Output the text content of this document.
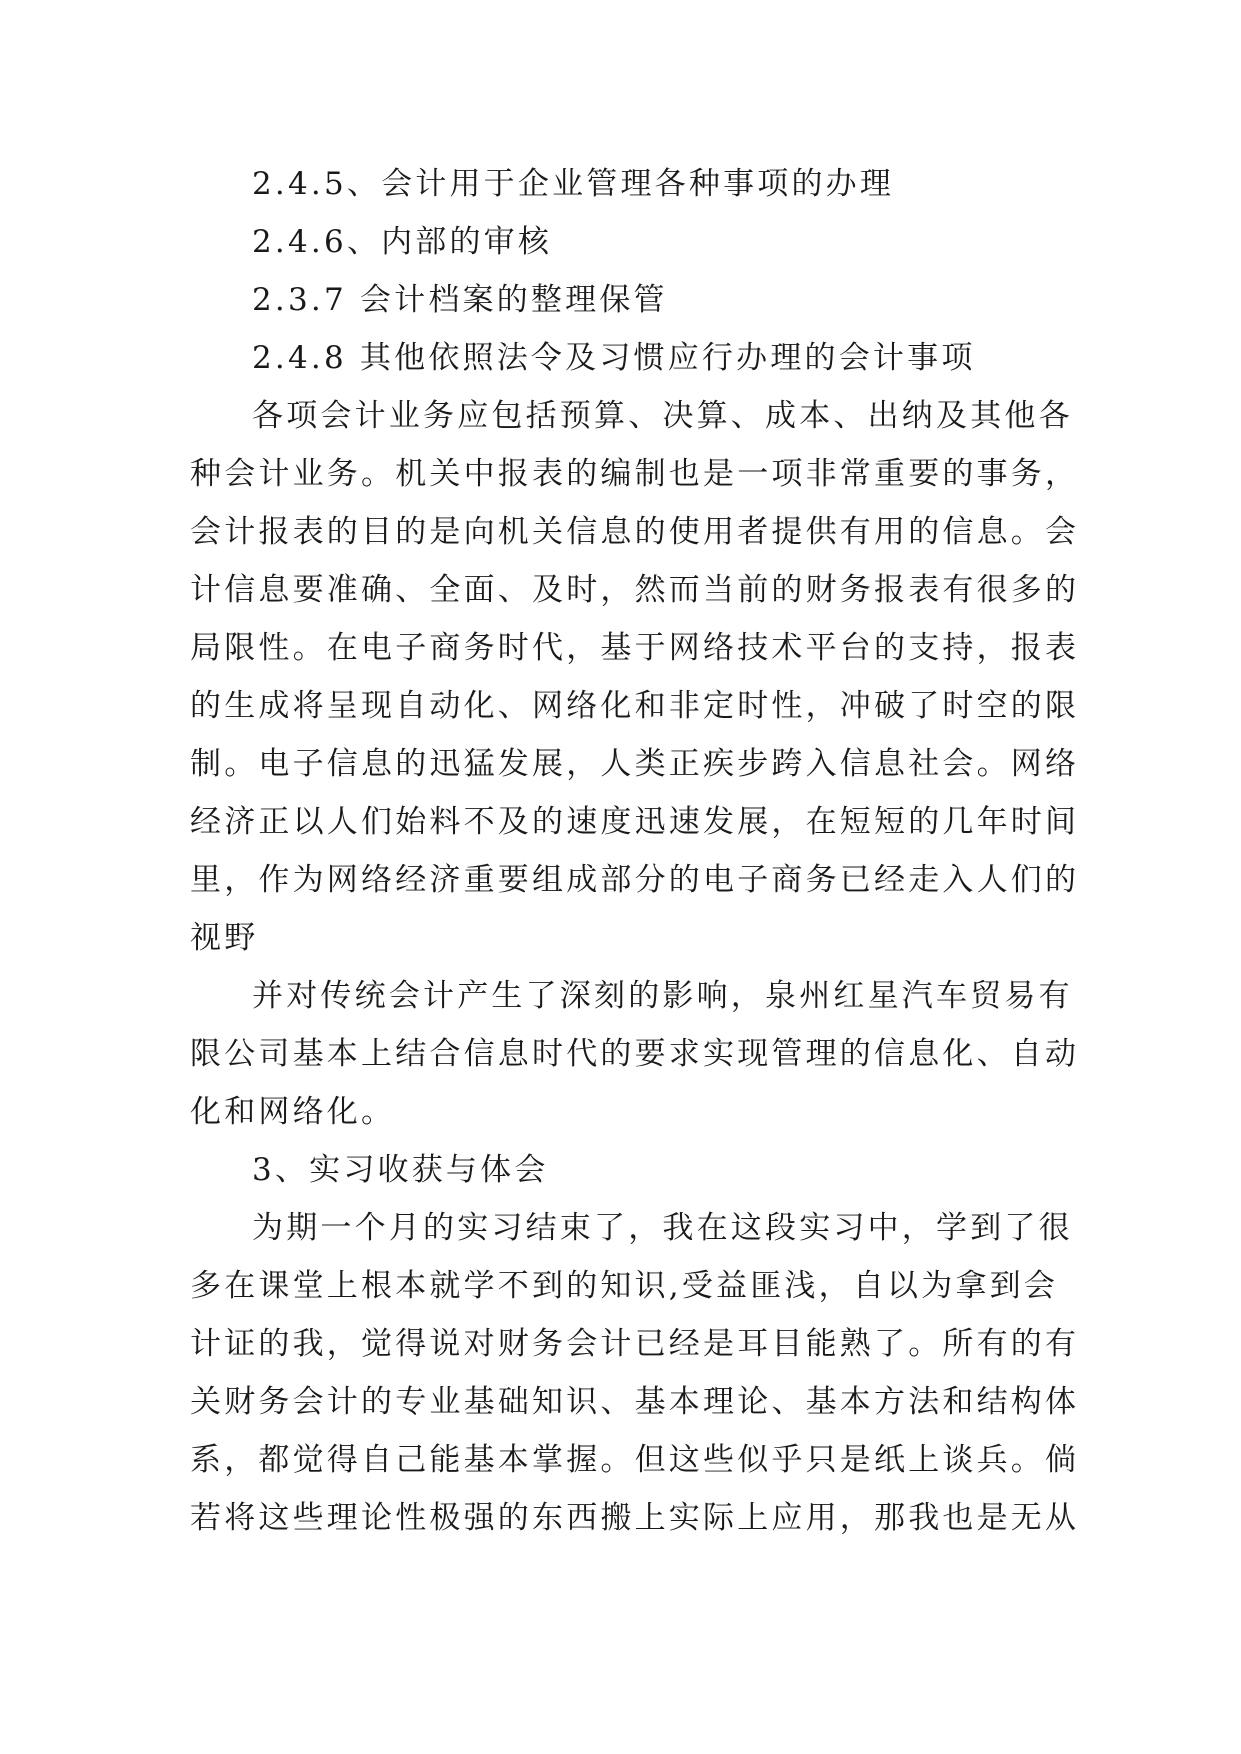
2.4.5、会计用于企业管理各种事项的办理
2.4.6、内部的审核
2.3.7 会计档案的整理保管
2.4.8 其他依照法令及习惯应行办理的会计事项
各项会计业务应包括预算、决算、成本、出纳及其他各
种会计业务。机关中报表的编制也是一项非常重要的事务，
会计报表的目的是向机关信息的使用者提供有用的信息。会
计信息要准确、全面、及时，然而当前的财务报表有很多的
局限性。在电子商务时代，基于网络技术平台的支持，报表
的生成将呈现自动化、网络化和非定时性，冲破了时空的限
制。电子信息的迅猛发展，人类正疾步跨入信息社会。网络
经济正以人们始料不及的速度迅速发展，在短短的几年时间
里，作为网络经济重要组成部分的电子商务已经走入人们的
视野
并对传统会计产生了深刻的影响，泉州红星汽车贸易有
限公司基本上结合信息时代的要求实现管理的信息化、自动
化和网络化。
3、实习收获与体会
为期一个月的实习结束了，我在这段实习中，学到了很
多在课堂上根本就学不到的知识,受益匪浅，自以为拿到会
计证的我，觉得说对财务会计已经是耳目能熟了。所有的有
关财务会计的专业基础知识、基本理论、基本方法和结构体
系，都觉得自己能基本掌握。但这些似乎只是纸上谈兵。倘
若将这些理论性极强的东西搬上实际上应用，那我也是无从
